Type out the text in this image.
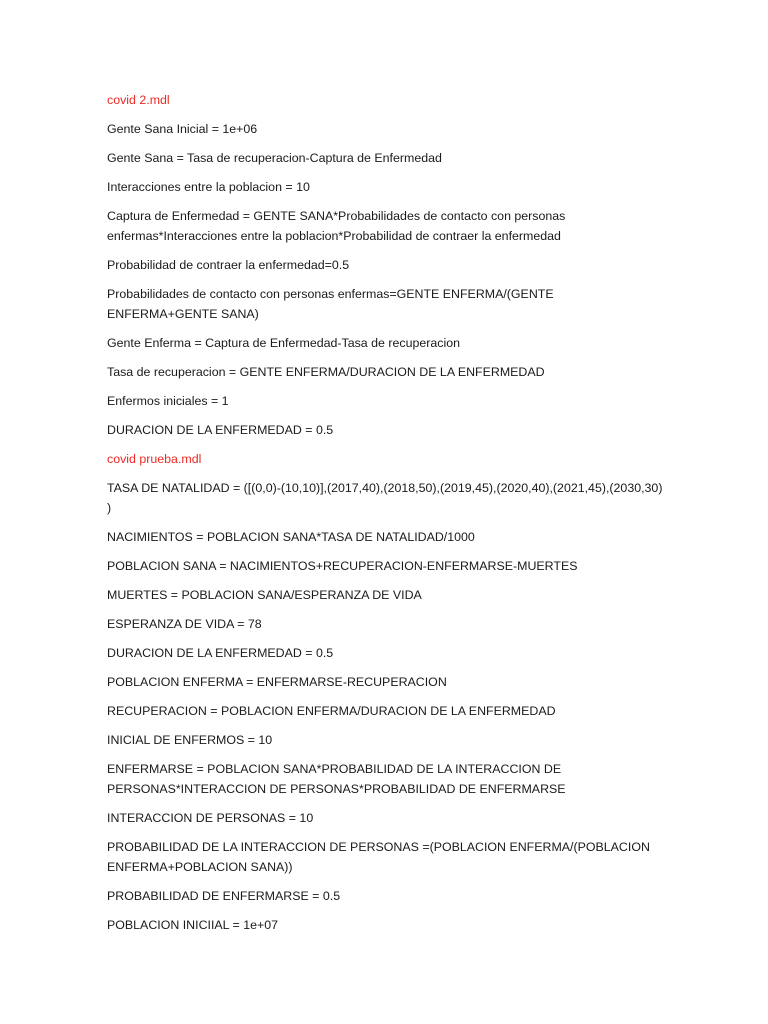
covid 2.mdl

Gente Sana Inicial = 1e+06

Gente Sana = Tasa de recuperacion-Captura de Enfermedad

Interacciones entre la poblacion = 10

Captura de Enfermedad = GENTE SANA*Probabilidades de contacto con personas enfermas*Interacciones entre la poblacion*Probabilidad de contraer la enfermedad

Probabilidad de contraer la enfermedad=0.5

Probabilidades de contacto con personas enfermas=GENTE ENFERMA/(GENTE ENFERMA+GENTE SANA)

Gente Enferma = Captura de Enfermedad-Tasa de recuperacion

Tasa de recuperacion = GENTE ENFERMA/DURACION DE LA ENFERMEDAD

Enfermos iniciales = 1

DURACION DE LA ENFERMEDAD = 0.5

covid prueba.mdl

TASA DE NATALIDAD = ([(0,0)-(10,10)],(2017,40),(2018,50),(2019,45),(2020,40),(2021,45),(2030,30) )

NACIMIENTOS = POBLACION SANA*TASA DE NATALIDAD/1000

POBLACION SANA = NACIMIENTOS+RECUPERACION-ENFERMARSE-MUERTES

MUERTES = POBLACION SANA/ESPERANZA DE VIDA

ESPERANZA DE VIDA = 78

DURACION DE LA ENFERMEDAD = 0.5

POBLACION ENFERMA = ENFERMARSE-RECUPERACION

RECUPERACION = POBLACION ENFERMA/DURACION DE LA ENFERMEDAD

INICIAL DE ENFERMOS = 10

ENFERMARSE = POBLACION SANA*PROBABILIDAD DE LA INTERACCION DE PERSONAS*INTERACCION DE PERSONAS*PROBABILIDAD DE ENFERMARSE

INTERACCION DE PERSONAS = 10

PROBABILIDAD DE LA INTERACCION DE PERSONAS =(POBLACION ENFERMA/(POBLACION ENFERMA+POBLACION SANA))

PROBABILIDAD DE ENFERMARSE = 0.5

POBLACION INICIIAL = 1e+07
